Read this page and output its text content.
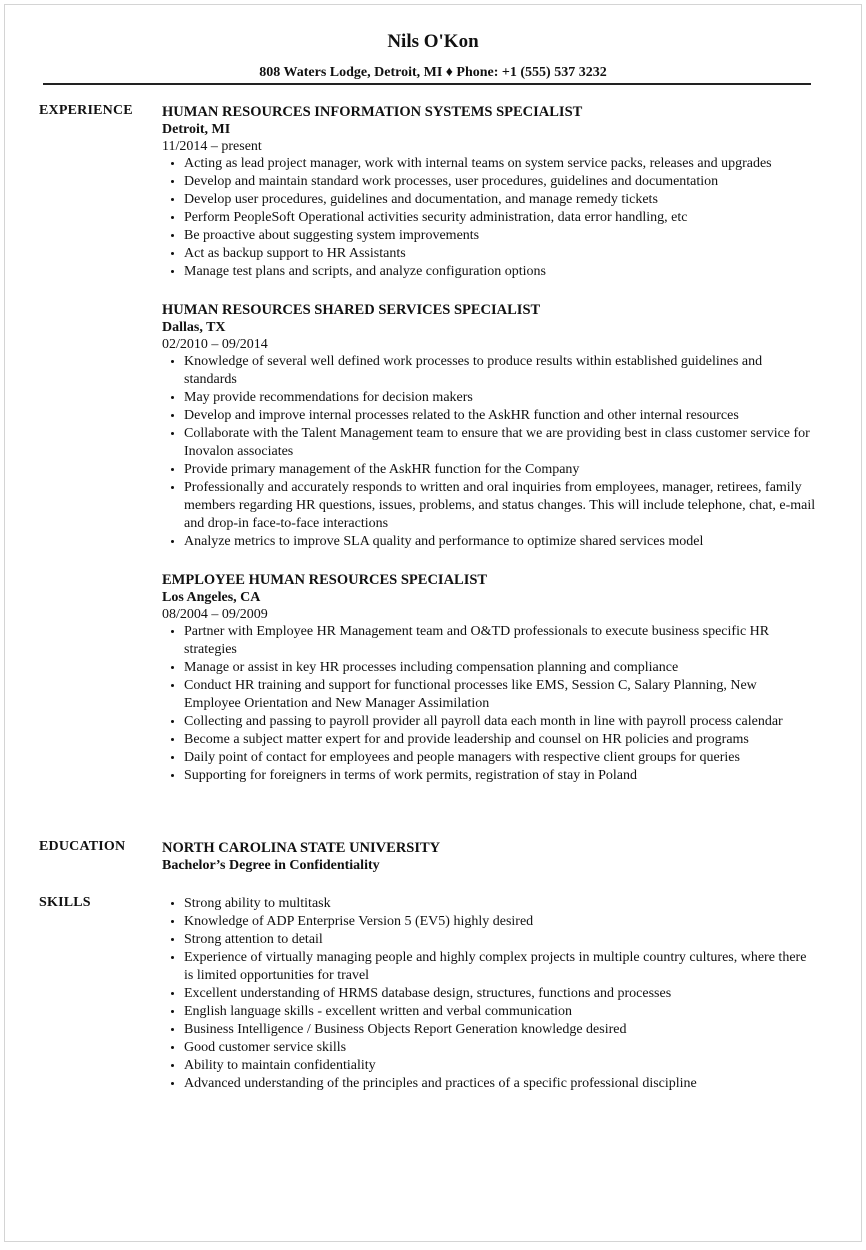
Nils O'Kon
808 Waters Lodge, Detroit, MI ♦ Phone: +1 (555) 537 3232
EXPERIENCE HUMAN RESOURCES INFORMATION SYSTEMS SPECIALIST
Detroit, MI
11/2014 – present
• Acting as lead project manager, work with internal teams on system service packs, releases and upgrades
• Develop and maintain standard work processes, user procedures, guidelines and documentation
• Develop user procedures, guidelines and documentation, and manage remedy tickets
• Perform PeopleSoft Operational activities security administration, data error handling, etc
• Be proactive about suggesting system improvements
• Act as backup support to HR Assistants
• Manage test plans and scripts, and analyze configuration options
HUMAN RESOURCES SHARED SERVICES SPECIALIST
Dallas, TX
02/2010 – 09/2014
• Knowledge of several well defined work processes to produce results within established guidelines and standards
• May provide recommendations for decision makers
• Develop and improve internal processes related to the AskHR function and other internal resources
• Collaborate with the Talent Management team to ensure that we are providing best in class customer service for Inovalon associates
• Provide primary management of the AskHR function for the Company
• Professionally and accurately responds to written and oral inquiries from employees, manager, retirees, family members regarding HR questions, issues, problems, and status changes. This will include telephone, chat, e-mail and drop-in face-to-face interactions
• Analyze metrics to improve SLA quality and performance to optimize shared services model
EMPLOYEE HUMAN RESOURCES SPECIALIST
Los Angeles, CA
08/2004 – 09/2009
• Partner with Employee HR Management team and O&TD professionals to execute business specific HR strategies
• Manage or assist in key HR processes including compensation planning and compliance
• Conduct HR training and support for functional processes like EMS, Session C, Salary Planning, New Employee Orientation and New Manager Assimilation
• Collecting and passing to payroll provider all payroll data each month in line with payroll process calendar
• Become a subject matter expert for and provide leadership and counsel on HR policies and programs
• Daily point of contact for employees and people managers with respective client groups for queries
• Supporting for foreigners in terms of work permits, registration of stay in Poland
EDUCATION	NORTH CAROLINA STATE UNIVERSITY
Bachelor’s Degree in Confidentiality
SKILLS
•	Strong ability to multitask
• Knowledge of ADP Enterprise Version 5 (EV5) highly desired
• Strong attention to detail
• Experience of virtually managing people and highly complex projects in multiple country cultures, where there is limited opportunities for travel
• Excellent understanding of HRMS database design, structures, functions and processes
• English language skills - excellent written and verbal communication
• Business Intelligence / Business Objects Report Generation knowledge desired
• Good customer service skills
• Ability to maintain confidentiality
• Advanced understanding of the principles and practices of a specific professional discipline
